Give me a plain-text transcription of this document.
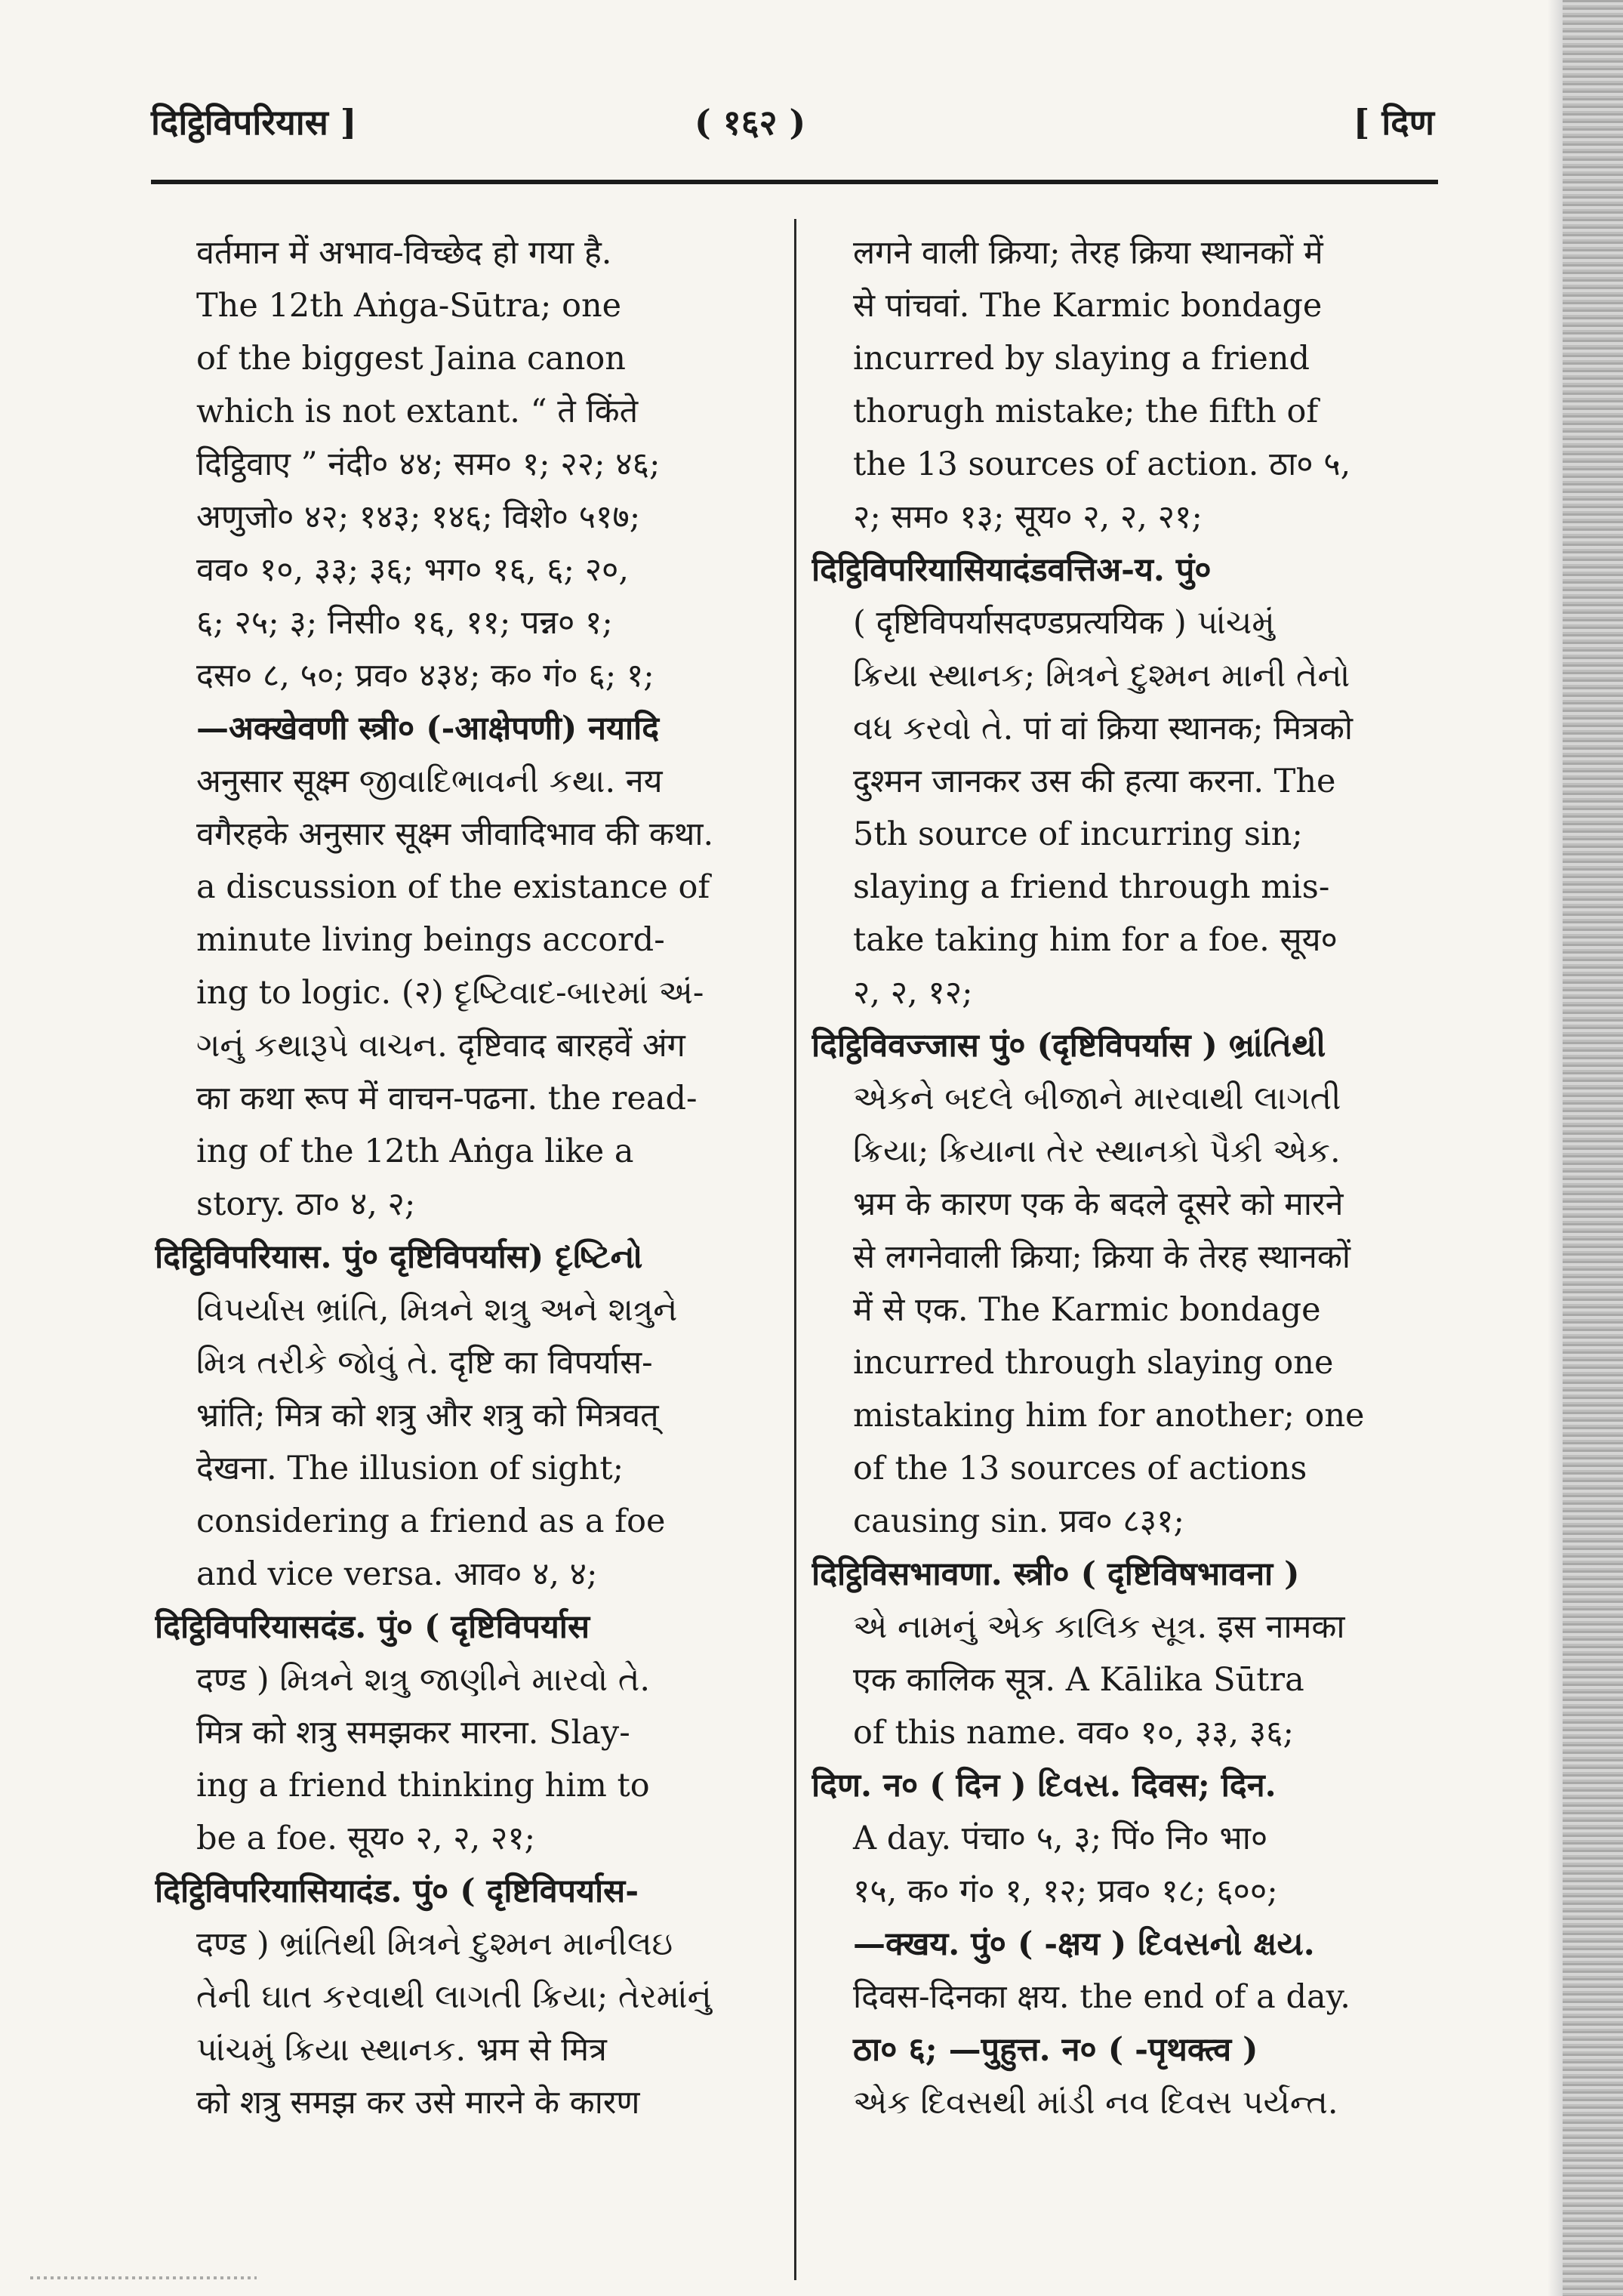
दिट्ठिविपरियास ]	( १६२ )	[ दिण
वर्तमान में अभाव-विच्छेद हो गया है.
The 12th Aṅga-Sūtra; one
of the biggest Jaina canon
which is not extant. “ ते किंते
दिट्ठिवाए ” नंदी० ४४; सम० १; २२; ४६;
अणुजो० ४२; १४३; १४६; विशे० ५१७;
वव० १०, ३३; ३६; भग० १६, ६; २०,
६; २५; ३; निसी० १६, ११; पन्न० १;
दस० ८, ५०; प्रव० ४३४; क० गं० ६; १;
—अक्खेवणी स्त्री० (-आक्षेपणी) नयादि
अनुसार सूक्ष्म જીવાદિભાવની કથા. नय
वगैरहके अनुसार सूक्ष्म जीवादिभाव की कथा.
a discussion of the existance of
minute living beings accord-
ing to logic. (२) દૃષ્ટિવાદ-બારમાં અં-
ગનું કથારૂપે વાચન. दृष्टिवाद बारहवें अंग
का कथा रूप में वाचन-पढना. the read-
ing of the 12th Aṅga like a
story. ठा० ४, २;
दिट्ठिविपरियास. पुं० दृष्टिविपर्यास) દૃષ્ટિનો
વિપર્યાસ ભ્રાંતિ, મિત્રને શત્રુ અને શત્રુને
મિત્ર તરીકે જોવું તે. दृष्टि का विपर्यास-
भ्रांति; मित्र को शत्रु और शत्रु को मित्रवत्
देखना. The illusion of sight;
considering a friend as a foe
and vice versa. आव० ४, ४;
दिट्ठिविपरियासदंड. पुं० ( दृष्टिविपर्यास
दण्ड ) મિત્રને શત્રુ જાણીને મારવો તે.
मित्र को शत्रु समझकर मारना. Slay-
ing a friend thinking him to
be a foe. सूय० २, २, २१;
दिट्ठिविपरियासियादंड. पुं० ( दृष्टिविपर्यास-
दण्ड ) ભ્રાંતિથી મિત્રને દુશ્મન માનીલઇ
તેની ઘાત કરવાથી લાગતી ક્રિયા; તેરમાંનું
પાંચમું ક્રિયા સ્થાનક. भ्रम से मित्र
को शत्रु समझ कर उसे मारने के कारण
लगने वाली क्रिया; तेरह क्रिया स्थानकों में
से पांचवां. The Karmic bondage
incurred by slaying a friend
thorugh mistake; the fifth of
the 13 sources of action. ठा० ५,
२; सम० १३; सूय० २, २, २१;
दिट्ठिविपरियासियादंडवत्तिअ-य. पुं०
( दृष्टिविपर्यासदण्डप्रत्ययिक ) પાંચમું
ક્રિયા સ્થાનક; મિત્રને દુશ્મન માની તેનો
વધ કરવો તે. पां वां क्रिया स्थानक; मित्रको
दुश्मन जानकर उस की हत्या करना. The
5th source of incurring sin;
slaying a friend through mis-
take taking him for a foe. सूय०
२, २, १२;
दिट्ठिविवज्जास पुं० (दृष्टिविपर्यास ) ભ્રાંતિથી
એકને બદલે બીજાને મારવાથી લાગતી
ક્રિયા; ક્રિયાના તેર સ્થાનકો પૈકી એક.
भ्रम के कारण एक के बदले दूसरे को मारने
से लगनेवाली क्रिया; क्रिया के तेरह स्थानकों
में से एक. The Karmic bondage
incurred through slaying one
mistaking him for another; one
of the 13 sources of actions
causing sin. प्रव० ८३१;
दिट्ठिविसभावणा. स्त्री० ( दृष्टिविषभावना )
એ નામનું એક કાલિક સૂત્ર. इस नामका
एक कालिक सूत्र. A Kālika Sūtra
of this name. वव० १०, ३३, ३६;
दिण. न० ( दिन ) દિવસ. दिवस; दिन.
A day. पंचा० ५, ३; पिं० नि० भा०
१५, क० गं० १, १२; प्रव० १८; ६००;
—क्खय. पुं० ( -क्षय ) દિવસનો ક્ષય.
दिवस-दिनका क्षय. the end of a day.
ठा० ६; —पुहुत्त. न० ( -पृथक्त्व )
એક દિવસથી માંડી નવ દિવસ પર્યન્ત.
